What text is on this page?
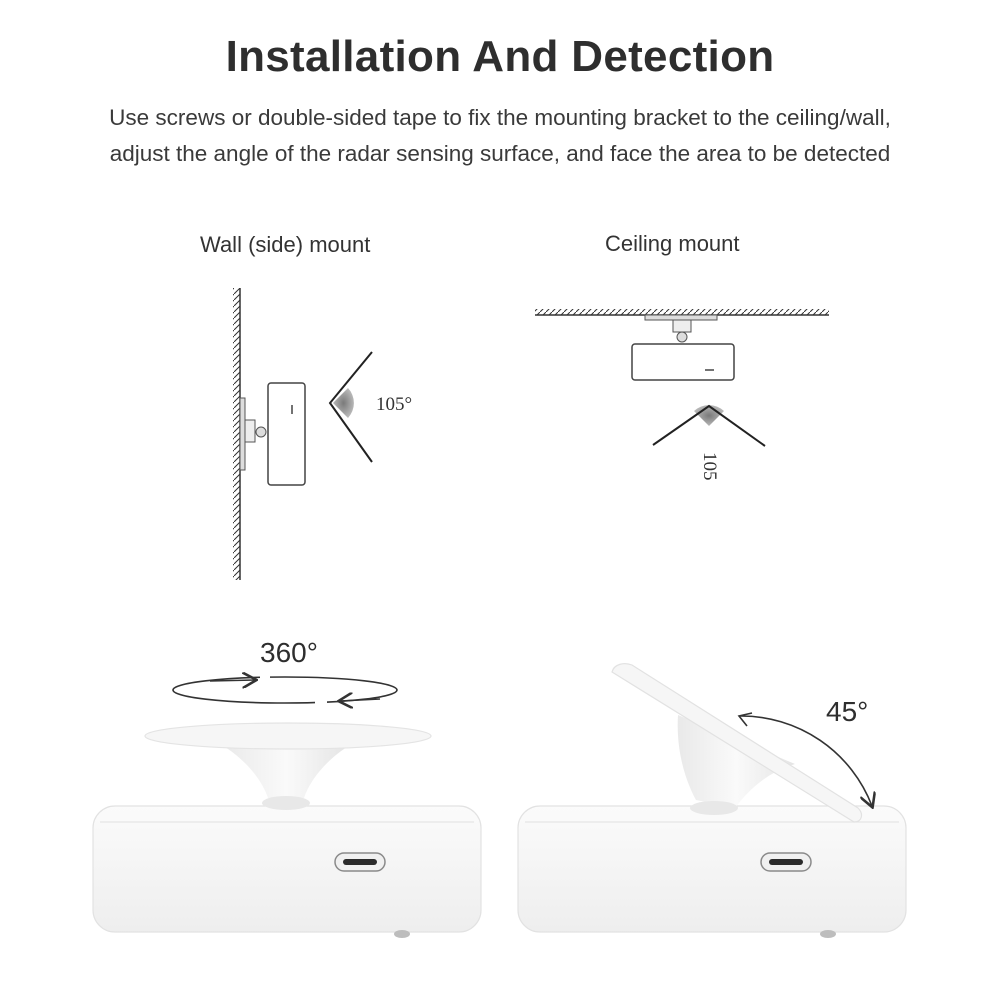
Installation And Detection
Use screws or double-sided tape to fix the mounting bracket to the ceiling/wall,
adjust the angle of the radar sensing surface, and face the area to be detected
Wall (side) mount	Ceiling mount
105°
105
360°
45°
